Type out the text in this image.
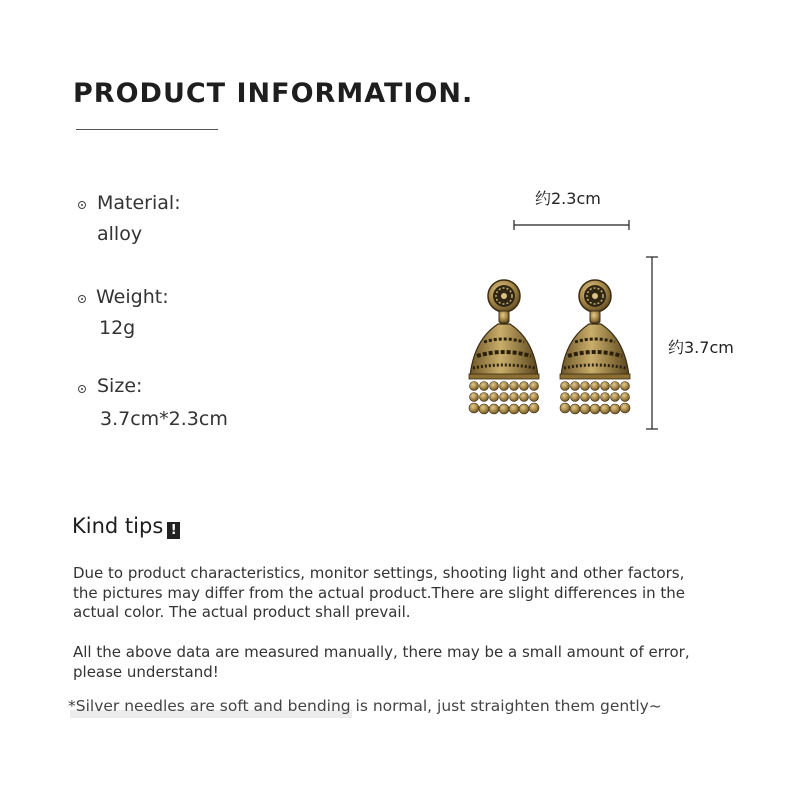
PRODUCT INFORMATION.
Material:
alloy
Weight:
12g
Size:
3.7cm*2.3cm
约2.3cm
约3.7cm
Kind tips !
Due to product characteristics, monitor settings, shooting light and other factors, the pictures may differ from the actual product.There are slight differences in the actual color. The actual product shall prevail.
All the above data are measured manually, there may be a small amount of error, please understand!
*Silver needles are soft and bending is normal, just straighten them gently~
